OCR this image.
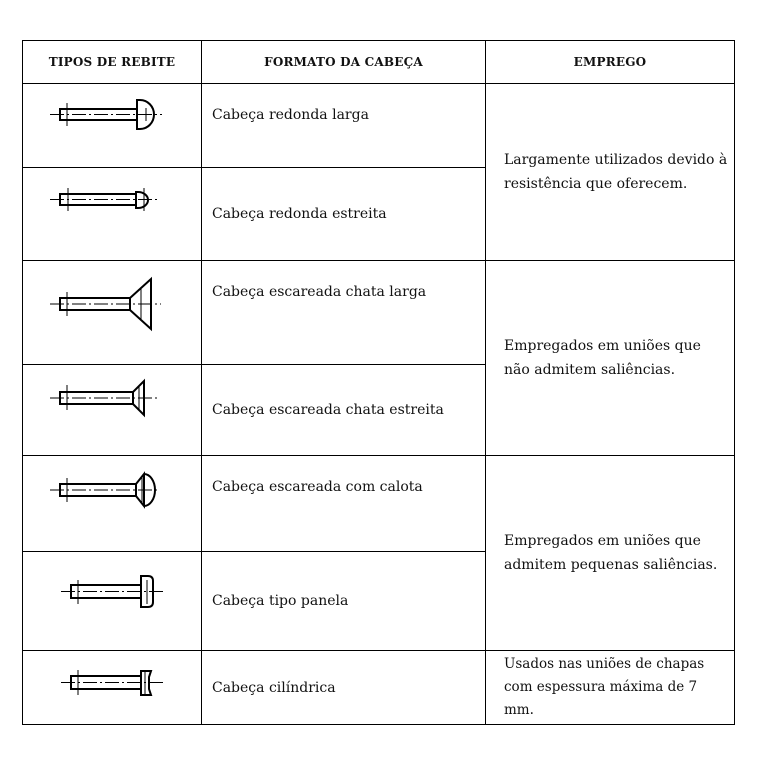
TIPOS DE REBITE	FORMATO DA CABEÇA	EMPREGO
	Cabeça redonda larga	Largamente utilizados devido à
resistência que oferecem.

	Cabeça redonda estreita	
	Cabeça escareada chata larga	Empregados em uniões que
não admitem saliências.

	Cabeça escareada chata estreita	
	Cabeça escareada com calota	Empregados em uniões que
admitem pequenas saliências.

	Cabeça tipo panela	
	Cabeça cilíndrica	Usados nas uniões de chapas
com espessura máxima de 7 mm.
